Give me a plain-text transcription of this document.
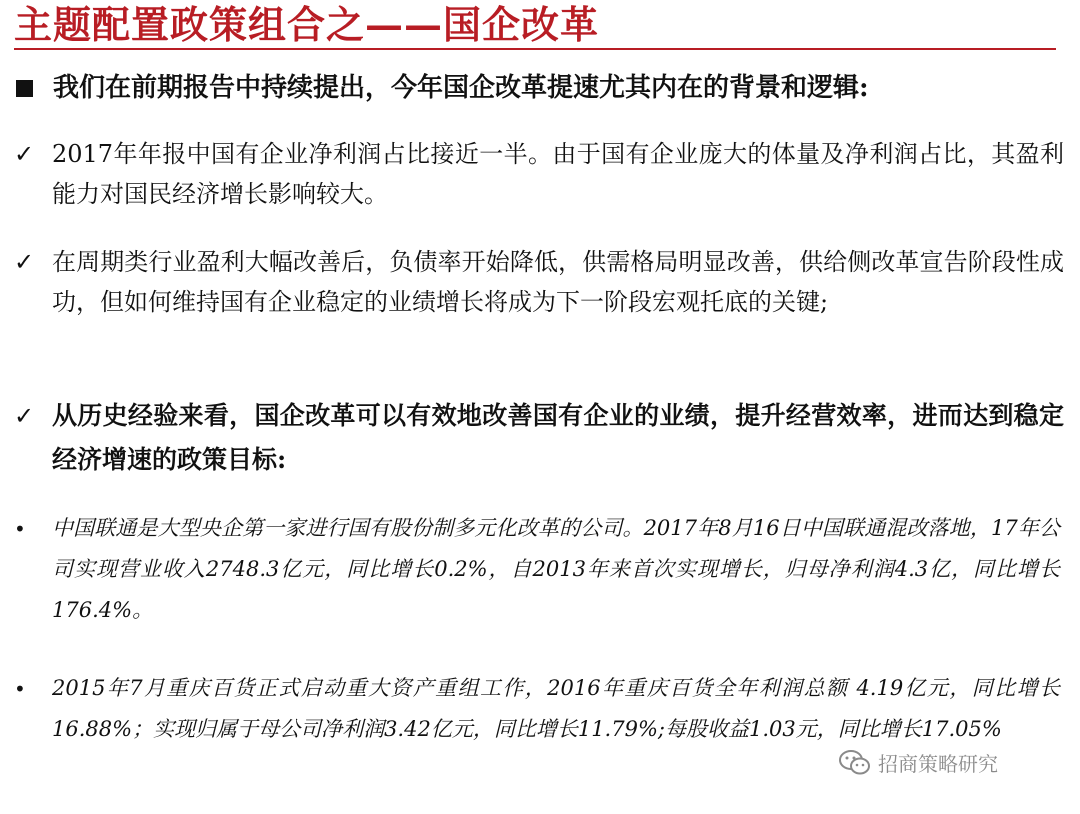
主题配置政策组合之——国企改革
我们在前期报告中持续提出，今年国企改革提速尤其内在的背景和逻辑:
✓ 2017年年报中国有企业净利润占比接近一半。由于国有企业庞大的体量及净利润占比，其盈利能力对国民经济增长影响较大。
✓ 在周期类行业盈利大幅改善后，负债率开始降低，供需格局明显改善，供给侧改革宣告阶段性成功，但如何维持国有企业稳定的业绩增长将成为下一阶段宏观托底的关键;
✓ 从历史经验来看，国企改革可以有效地改善国有企业的业绩，提升经营效率，进而达到稳定经济增速的政策目标:
• 中国联通是大型央企第一家进行国有股份制多元化改革的公司。2017年8月16日中国联通混改落地，17年公司实现营业收入2748.3亿元，同比增长0.2%，自2013年来首次实现增长，归母净利润4.3亿，同比增长176.4%。
• 2015年7月重庆百货正式启动重大资产重组工作，2016年重庆百货全年利润总额 4.19亿元，同比增长16.88%；实现归属于母公司净利润3.42亿元，同比增长11.79%;每股收益1.03元，同比增长17.05%
招商策略研究
